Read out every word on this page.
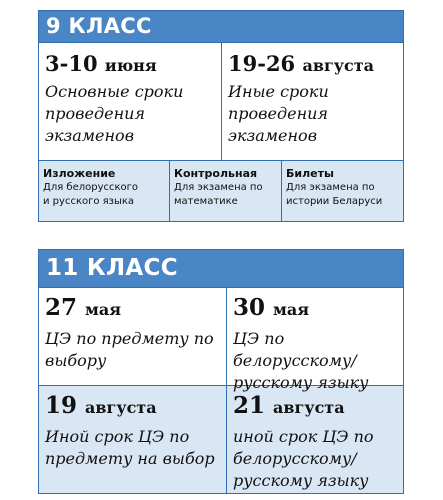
9 КЛАСС
3-10 июня
Основные сроки
проведения
экзаменов
19-26 августа
Иные сроки
проведения
экзаменов
Изложение
Для белорусского
и русского языка
Контрольная
Для экзамена по
математике
Билеты
Для экзамена по
истории Беларуси
11 КЛАСС
27 мая
ЦЭ по предмету по
выбору
30 мая
ЦЭ по
белорусскому/
русскому языку
19 августа
Иной срок ЦЭ по
предмету на выбор
21 августа
иной срок ЦЭ по
белорусскому/
русскому языку
